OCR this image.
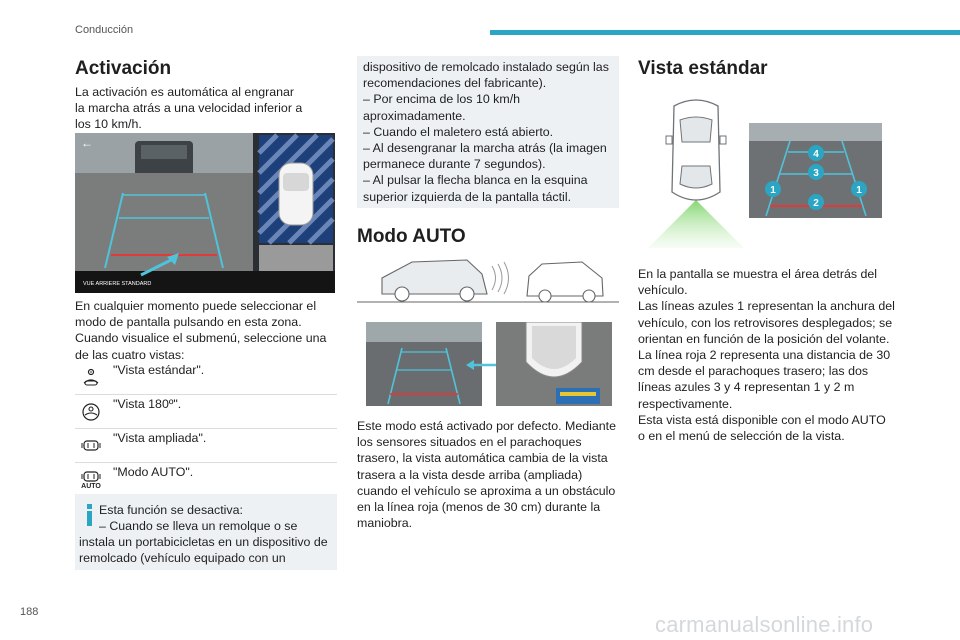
Conducción
Activación
La activación es automática al engranar la marcha atrás a una velocidad inferior a los 10 km/h.
←
VUE ARRIERE STANDARD

En cualquier momento puede seleccionar el modo de pantalla pulsando en esta zona.

Cuando visualice el submenú, seleccione una de las cuatro vistas:

"Vista estándar".
"Vista 180º".
"Vista ampliada".
AUTO
"Modo AUTO".
Esta función se desactiva:
– Cuando se lleva un remolque o se instala un portabicicletas en un dispositivo de remolcado (vehículo equipado con un
dispositivo de remolcado instalado según las recomendaciones del fabricante).
– Por encima de los 10 km/h aproximadamente.
– Cuando el maletero está abierto.
– Al desengranar la marcha atrás (la imagen permanece durante 7 segundos).
– Al pulsar la flecha blanca en la esquina superior izquierda de la pantalla táctil.
Modo AUTO
Este modo está activado por defecto. Mediante los sensores situados en el parachoques trasero, la vista automática cambia de la vista trasera a la vista desde arriba (ampliada) cuando el vehículo se aproxima a un obstáculo en la línea roja (menos de 30 cm) durante la maniobra.
Vista estándar
4
3
1	1
2

En la pantalla se muestra el área detrás del vehículo.

Las líneas azules 1 representan la anchura del vehículo, con los retrovisores desplegados; se orientan en función de la posición del volante.

La línea roja 2 representa una distancia de 30 cm desde el parachoques trasero; las dos líneas azules 3 y 4 representan 1 y 2 m respectivamente.

Esta vista está disponible con el modo AUTO o en el menú de selección de la vista.

188	carmanualsonline.info
